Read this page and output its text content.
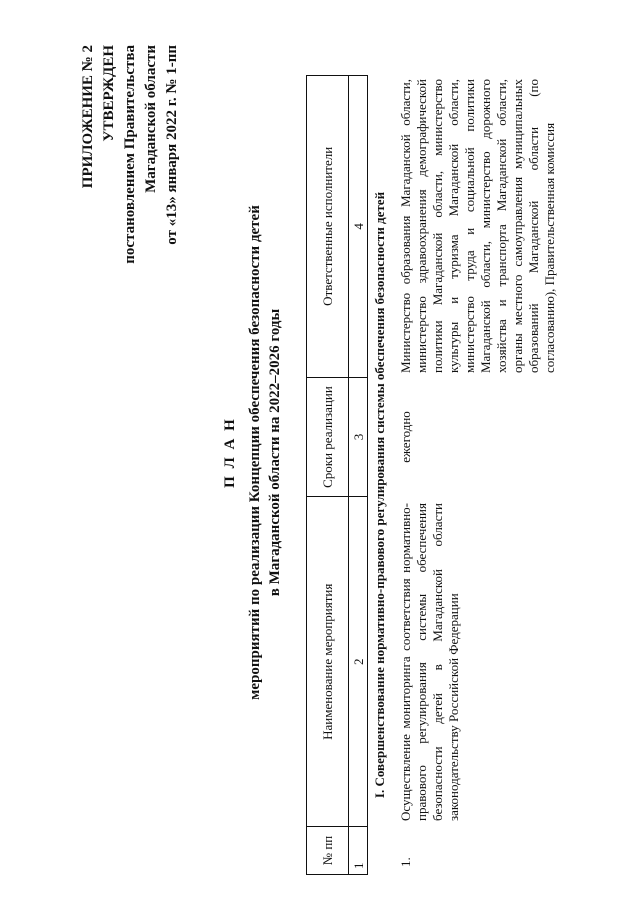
ПРИЛОЖЕНИЕ № 2 УТВЕРЖДЕН постановлением Правительства Магаданской области от «13» января 2022 г. № 1-пп
П Л А Н мероприятий по реализации Концепции обеспечения безопасности детей в Магаданской области на 2022–2026 годы
№ пп
Наименование мероприятия
Сроки реализации
Ответственные исполнители
1
2
3
4 I. Совершенствование нормативно-правового регулирования системы обеспечения безопасности детей
1.
Осуществление мониторинга соответствия нормативно-правового регулирования системы обеспечения безопасности детей в Магаданской области законодательству Российской Федерации
ежегодно
Министерство образования Магаданской области, министерство здравоохранения демографической политики Магаданской области, министерство культуры и туризма Магаданской области, министерство труда и социальной политики Магаданской области, министерство дорожного хозяйства и транспорта Магаданской области, органы местного самоуправления муниципальных образований Магаданской области (по согласованию), Правительственная комиссия
